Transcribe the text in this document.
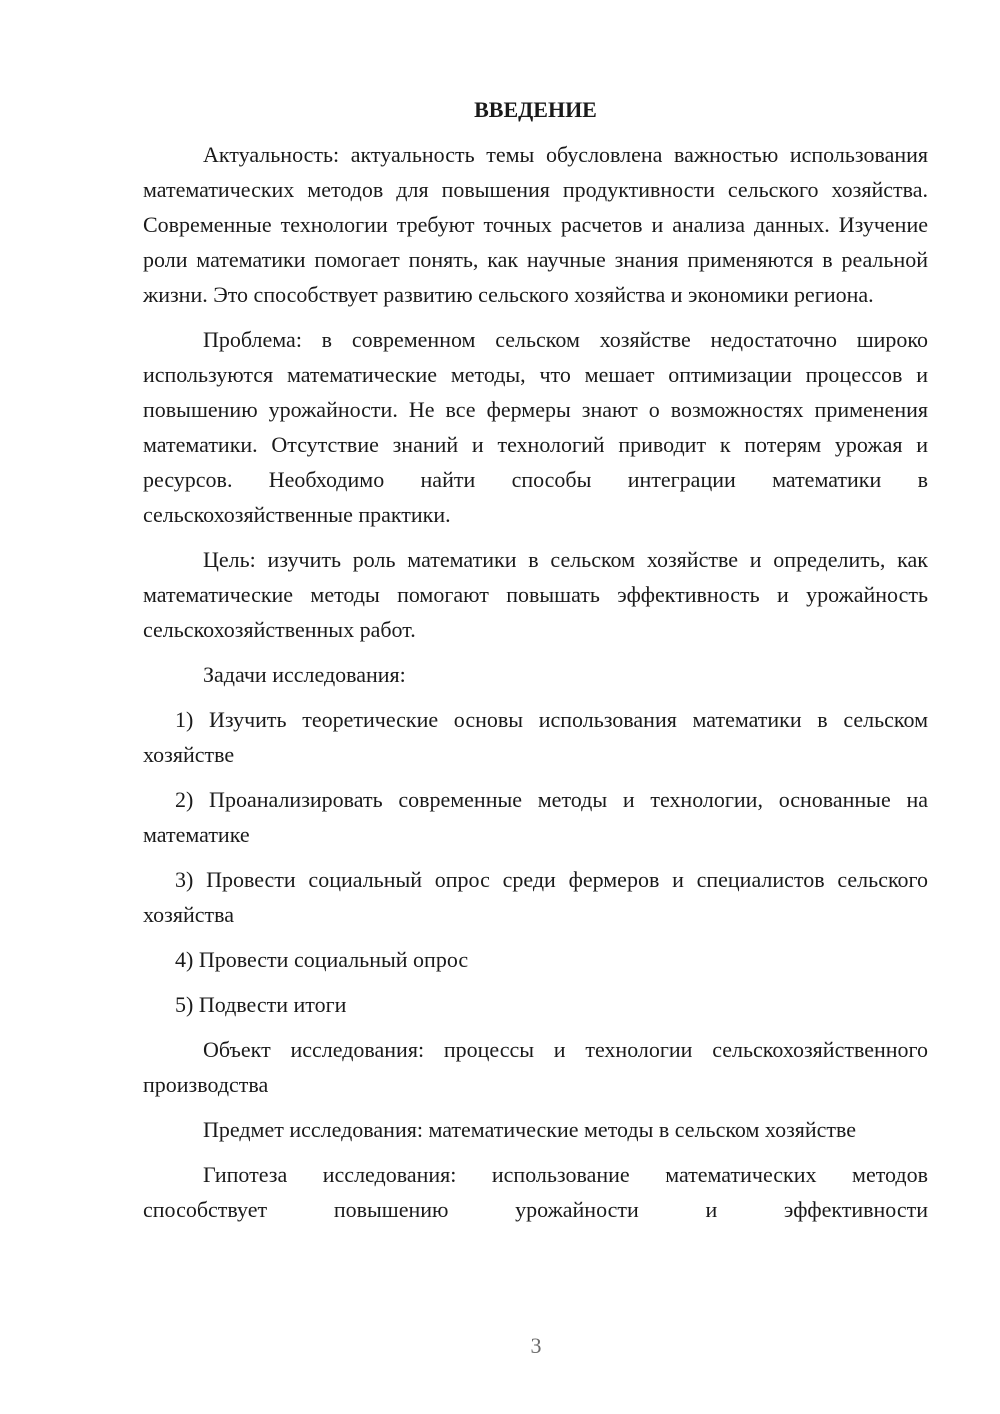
ВВЕДЕНИЕ

Актуальность: актуальность темы обусловлена важностью использования математических методов для повышения продуктивности сельского хозяйства. Современные технологии требуют точных расчетов и анализа данных. Изучение роли математики помогает понять, как научные знания применяются в реальной жизни. Это способствует развитию сельского хозяйства и экономики региона.

Проблема: в современном сельском хозяйстве недостаточно широко используются математические методы, что мешает оптимизации процессов и повышению урожайности. Не все фермеры знают о возможностях применения математики. Отсутствие знаний и технологий приводит к потерям урожая и ресурсов. Необходимо найти способы интеграции математики в сельскохозяйственные практики.

Цель: изучить роль математики в сельском хозяйстве и определить, как математические методы помогают повышать эффективность и урожайность сельскохозяйственных работ.

Задачи исследования:

1) Изучить теоретические основы использования математики в сельском хозяйстве

2) Проанализировать современные методы и технологии, основанные на математике

3) Провести социальный опрос среди фермеров и специалистов сельского хозяйства

4) Провести социальный опрос

5) Подвести итоги

Объект исследования: процессы и технологии сельскохозяйственного производства

Предмет исследования: математические методы в сельском хозяйстве

Гипотеза исследования: использование математических методов способствует повышению урожайности и эффективности

3
